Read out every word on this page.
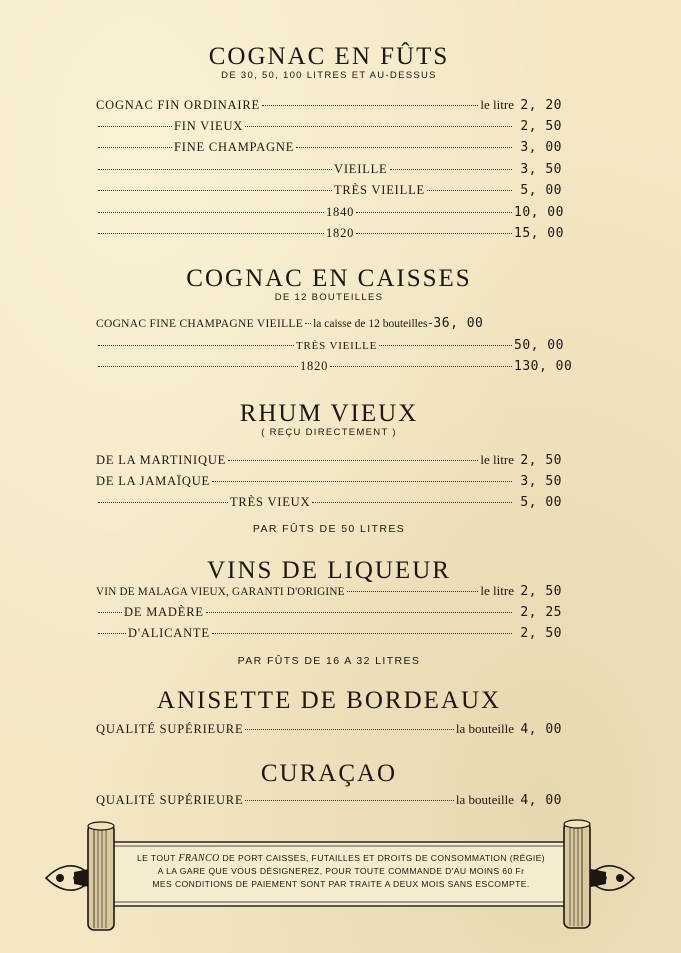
COGNAC EN FÛTS
DE 30, 50, 100 LITRES ET AU-DESSUS
COGNAC FIN ORDINAIRE	le litre 2, 20
FIN VIEUX	2, 50
FINE CHAMPAGNE	3, 00
VIEILLE	3, 50
TRÈS VIEILLE	5, 00
1840	10, 00
1820	15, 00
COGNAC EN CAISSES
DE 12 BOUTEILLES
COGNAC FINE CHAMPAGNE VIEILLE la caisse de 12 bouteilles 36, 00
TRÈS VIEILLE	50, 00
1820	130, 00
RHUM VIEUX
( REÇU DIRECTEMENT )
DE LA MARTINIQUE	le litre 2, 50
DE LA JAMAÏQUE	3, 50
TRÈS VIEUX	5, 00
PAR FÛTS DE 50 LITRES
VINS DE LIQUEUR
VIN DE MALAGA VIEUX, GARANTI D'ORIGINE	le litre 2, 50
DE MADÈRE	2, 25
D'ALICANTE	2, 50
PAR FÛTS DE 16 A 32 LITRES
ANISETTE DE BORDEAUX
QUALITÉ SUPÉRIEURE	la bouteille 4, 00
CURAÇAO
QUALITÉ SUPÉRIEURE	la bouteille 4, 00
LE TOUT FRANCO DE PORT CAISSES, FUTAILLES ET DROITS DE CONSOMMATION (RÉGIE)
A LA GARE QUE VOUS DÉSIGNEREZ, POUR TOUTE COMMANDE D'AU MOINS 60 Fr
MES CONDITIONS DE PAIEMENT SONT PAR TRAITE A DEUX MOIS SANS ESCOMPTE.
